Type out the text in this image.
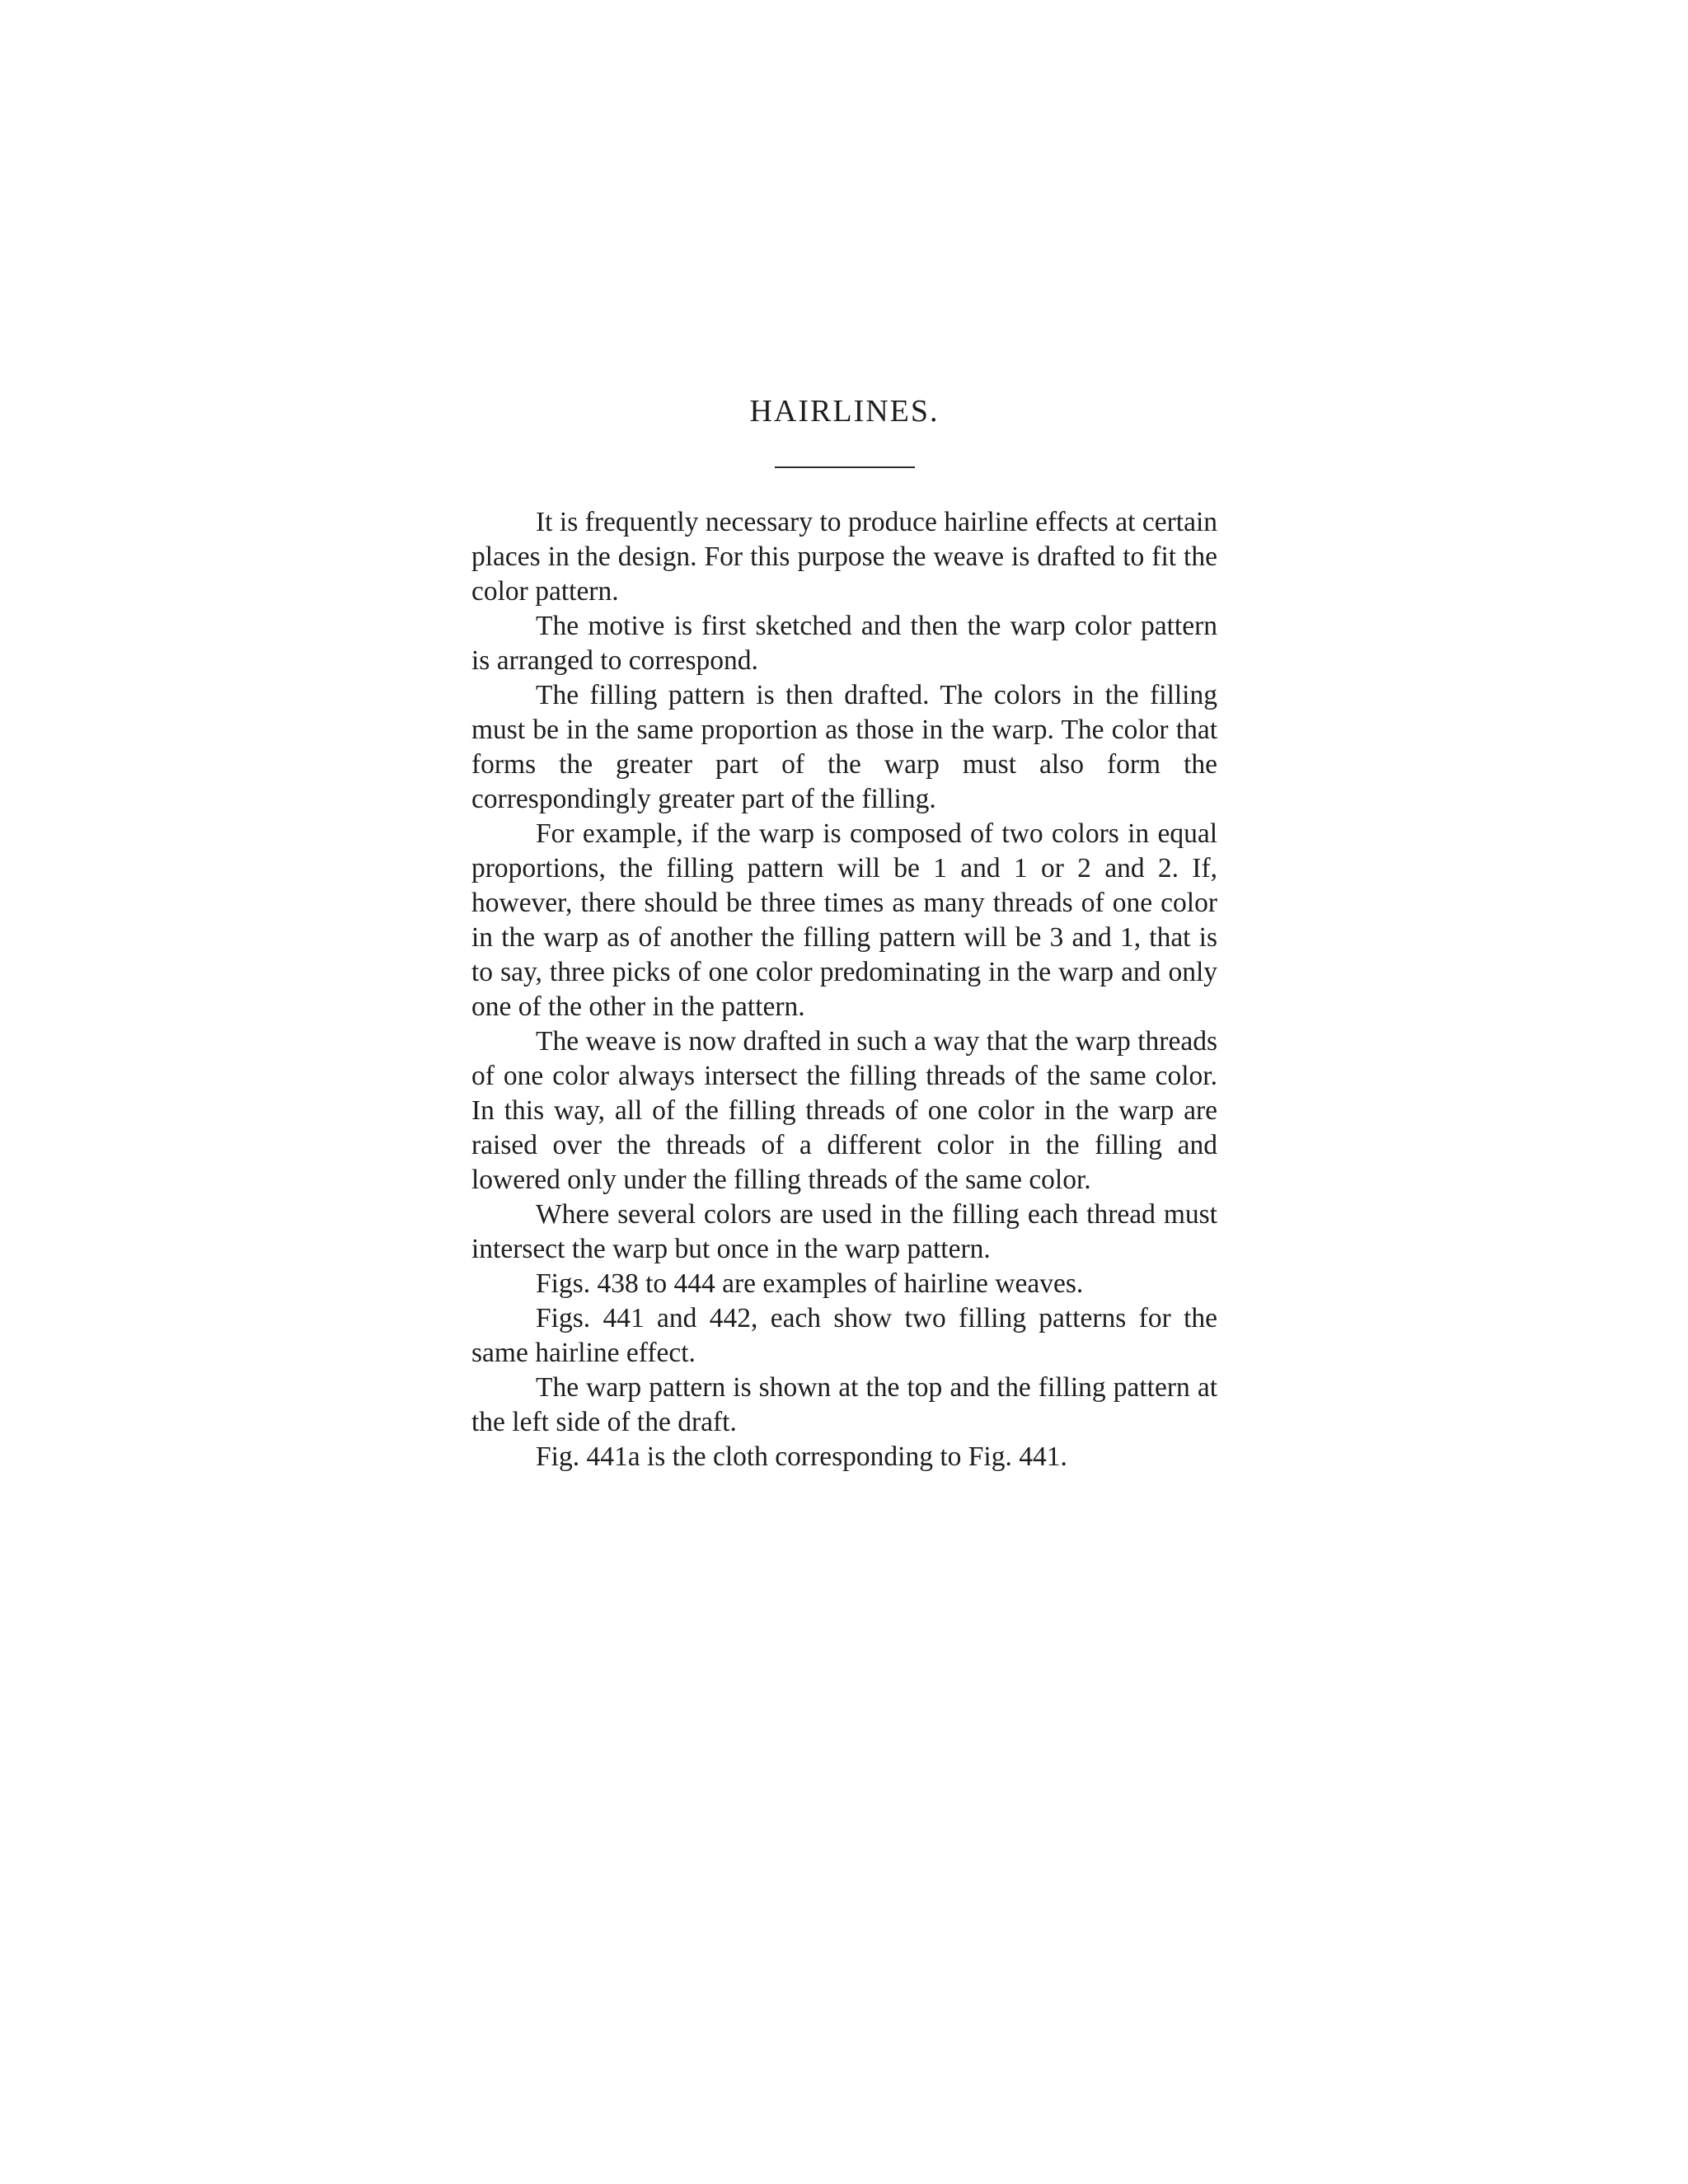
HAIRLINES.

It is frequently necessary to produce hairline effects at certain places in the design. For this purpose the weave is drafted to fit the color pattern.

The motive is first sketched and then the warp color pattern is arranged to correspond.

The filling pattern is then drafted. The colors in the filling must be in the same proportion as those in the warp. The color that forms the greater part of the warp must also form the correspondingly greater part of the filling.

For example, if the warp is composed of two colors in equal proportions, the filling pattern will be 1 and 1 or 2 and 2. If, however, there should be three times as many threads of one color in the warp as of another the filling pattern will be 3 and 1, that is to say, three picks of one color predominating in the warp and only one of the other in the pattern.

The weave is now drafted in such a way that the warp threads of one color always intersect the filling threads of the same color. In this way, all of the filling threads of one color in the warp are raised over the threads of a different color in the filling and lowered only under the filling threads of the same color.

Where several colors are used in the filling each thread must intersect the warp but once in the warp pattern.

Figs. 438 to 444 are examples of hairline weaves.

Figs. 441 and 442, each show two filling patterns for the same hairline effect.

The warp pattern is shown at the top and the filling pattern at the left side of the draft.

Fig. 441a is the cloth corresponding to Fig. 441.
